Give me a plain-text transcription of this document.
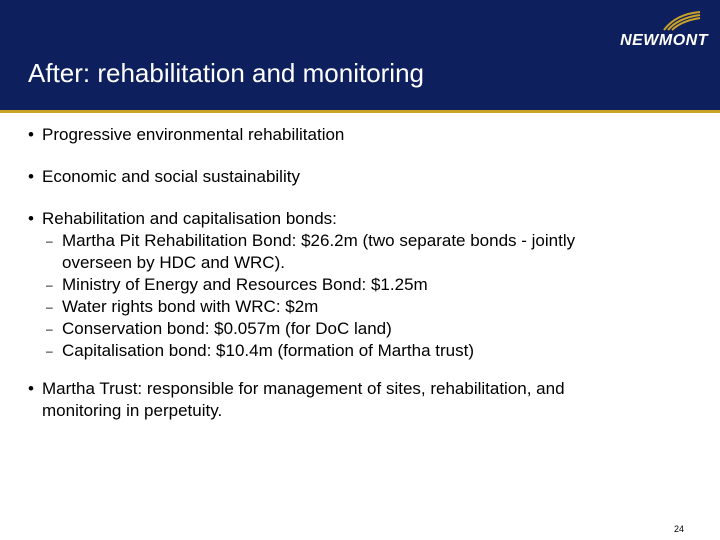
After: rehabilitation and monitoring
NEWMONT
• Progressive environmental rehabilitation
• Economic and social sustainability
• Rehabilitation and capitalisation bonds:
– Martha Pit Rehabilitation Bond: $26.2m (two separate bonds - jointly
overseen by HDC and WRC).
– Ministry of Energy and Resources Bond: $1.25m
– Water rights bond with WRC: $2m
– Conservation bond: $0.057m (for DoC land)
– Capitalisation bond: $10.4m (formation of Martha trust)
• Martha Trust: responsible for management of sites, rehabilitation, and
monitoring in perpetuity.
24
